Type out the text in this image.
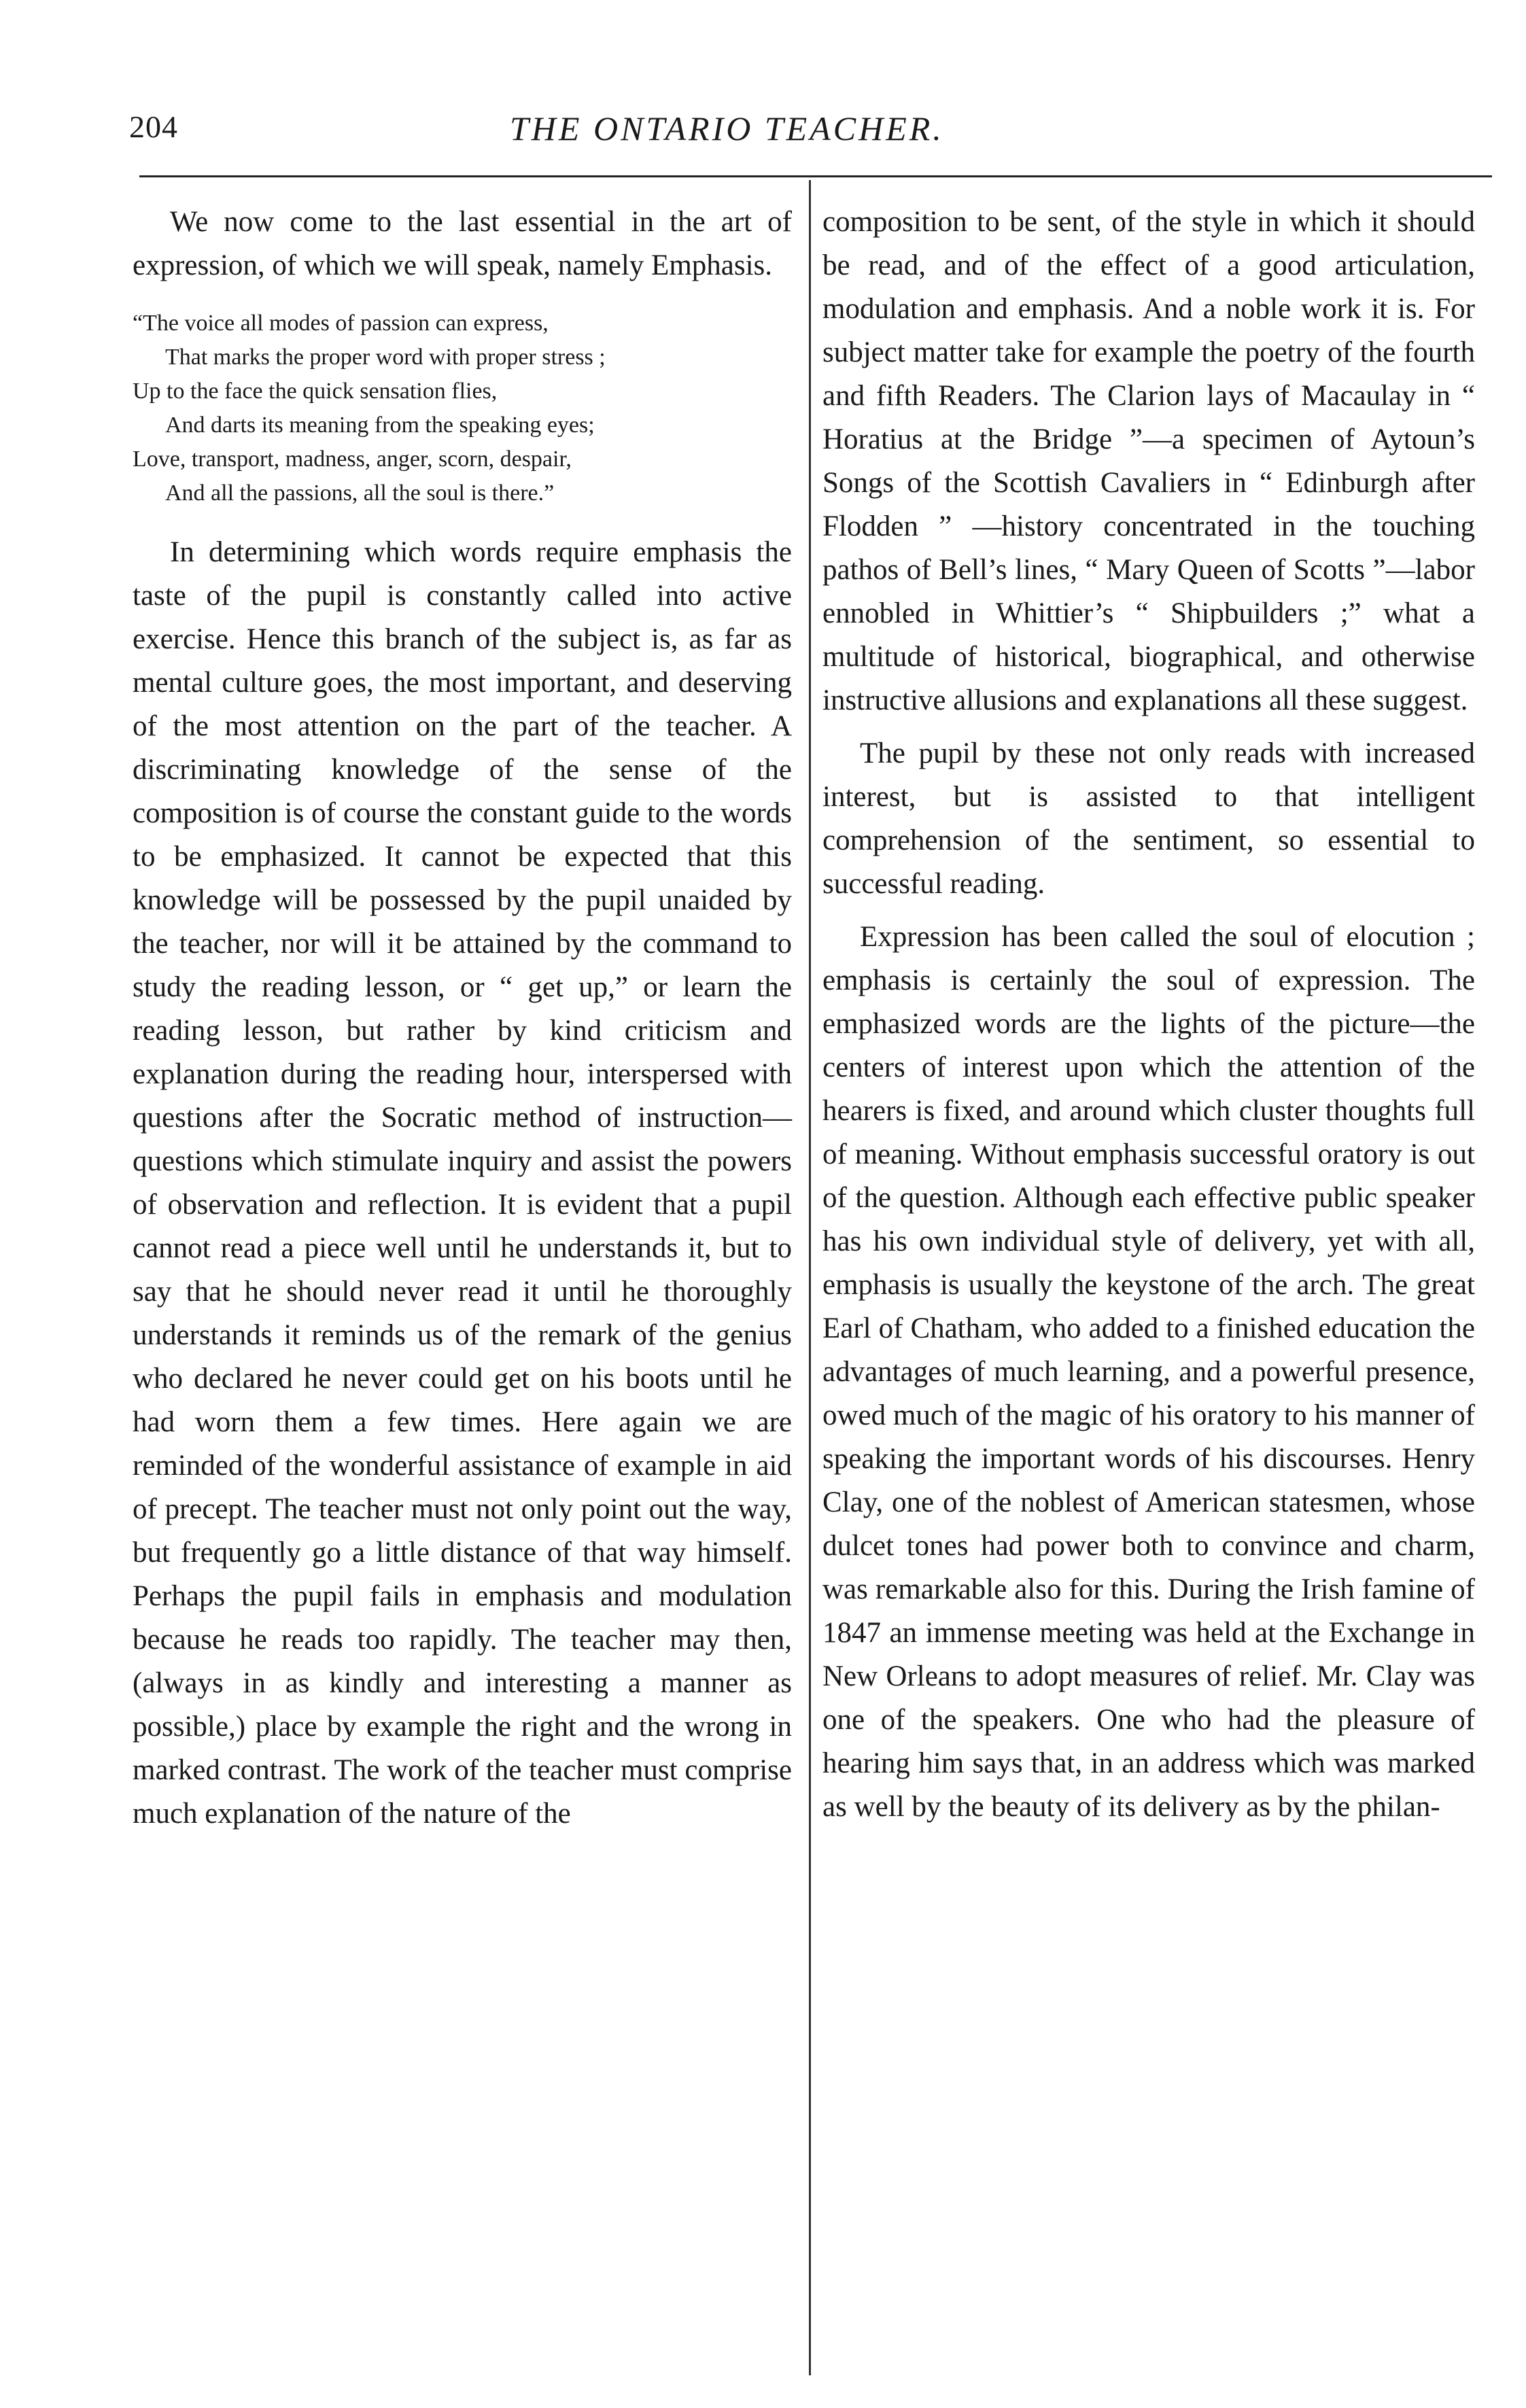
204	THE ONTARIO TEACHER.

We now come to the last essential in the art of expression, of which we will speak, namely Emphasis.

“The voice all modes of passion can express,
That marks the proper word with proper stress ;
Up to the face the quick sensation flies,
And darts its meaning from the speaking eyes;
Love, transport, madness, anger, scorn, despair,
And all the passions, all the soul is there.”

In determining which words require emphasis the taste of the pupil is constantly called into active exercise. Hence this branch of the subject is, as far as mental culture goes, the most important, and deserving of the most attention on the part of the teacher. A discriminating knowledge of the sense of the composition is of course the constant guide to the words to be emphasized. It cannot be expected that this knowledge will be possessed by the pupil unaided by the teacher, nor will it be attained by the command to study the reading lesson, or “ get up,” or learn the reading lesson, but rather by kind criticism and explanation during the reading hour, interspersed with questions after the Socratic method of instruction—questions which stimulate inquiry and assist the powers of observation and reflection. It is evident that a pupil cannot read a piece well until he understands it, but to say that he should never read it until he thoroughly understands it reminds us of the remark of the genius who declared he never could get on his boots until he had worn them a few times. Here again we are reminded of the wonderful assistance of example in aid of precept. The teacher must not only point out the way, but frequently go a little distance of that way himself. Perhaps the pupil fails in emphasis and modulation because he reads too rapidly. The teacher may then, (always in as kindly and interesting a manner as possible,) place by example the right and the wrong in marked contrast. The work of the teacher must comprise much explanation of the nature of the

composition to be sent, of the style in which it should be read, and of the effect of a good articulation, modulation and emphasis. And a noble work it is. For subject matter take for example the poetry of the fourth and fifth Readers. The Clarion lays of Macaulay in “ Horatius at the Bridge ”—a specimen of Aytoun’s Songs of the Scottish Cavaliers in “ Edinburgh after Flodden ” —history concentrated in the touching pathos of Bell’s lines, “ Mary Queen of Scotts ”—labor ennobled in Whittier’s “ Shipbuilders ;” what a multitude of historical, biographical, and otherwise instructive allusions and explanations all these suggest.

The pupil by these not only reads with increased interest, but is assisted to that intelligent comprehension of the sentiment, so essential to successful reading.

Expression has been called the soul of elocution ; emphasis is certainly the soul of expression. The emphasized words are the lights of the picture—the centers of interest upon which the attention of the hearers is fixed, and around which cluster thoughts full of meaning. Without emphasis successful oratory is out of the question. Although each effective public speaker has his own individual style of delivery, yet with all, emphasis is usually the keystone of the arch. The great Earl of Chatham, who added to a finished education the advantages of much learning, and a powerful presence, owed much of the magic of his oratory to his manner of speaking the important words of his discourses. Henry Clay, one of the noblest of American statesmen, whose dulcet tones had power both to convince and charm, was remarkable also for this. During the Irish famine of 1847 an immense meeting was held at the Exchange in New Orleans to adopt measures of relief. Mr. Clay was one of the speakers. One who had the pleasure of hearing him says that, in an address which was marked as well by the beauty of its delivery as by the philan-
